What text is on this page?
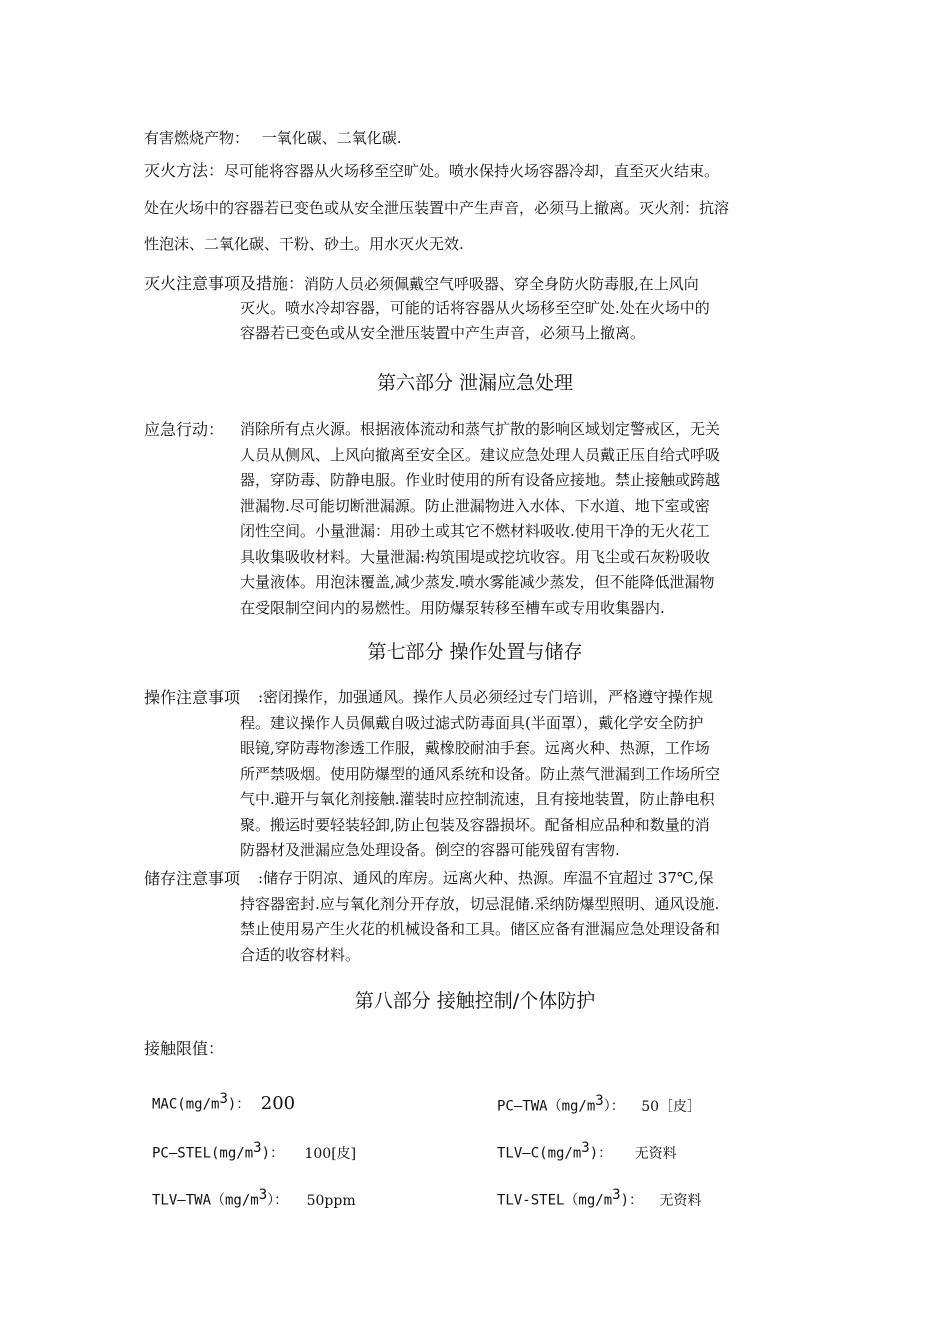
有害燃烧产物： 一氧化碳、二氧化碳.
灭火方法：尽可能将容器从火场移至空旷处。喷水保持火场容器冷却，直至灭火结束。
处在火场中的容器若已变色或从安全泄压装置中产生声音，必须马上撤离。灭火剂：抗溶
性泡沫、二氧化碳、干粉、砂土。用水灭火无效.
灭火注意事项及措施：消防人员必须佩戴空气呼吸器、穿全身防火防毒服,在上风向
灭火。喷水冷却容器，可能的话将容器从火场移至空旷处.处在火场中的
容器若已变色或从安全泄压装置中产生声音，必须马上撤离。
第六部分 泄漏应急处理
应急行动： 消除所有点火源。根据液体流动和蒸气扩散的影响区域划定警戒区，无关
人员从侧风、上风向撤离至安全区。建议应急处理人员戴正压自给式呼吸
器，穿防毒、防静电服。作业时使用的所有设备应接地。禁止接触或跨越
泄漏物.尽可能切断泄漏源。防止泄漏物进入水体、下水道、地下室或密
闭性空间。小量泄漏：用砂土或其它不燃材料吸收.使用干净的无火花工
具收集吸收材料。大量泄漏:构筑围堤或挖坑收容。用飞尘或石灰粉吸收
大量液体。用泡沫覆盖,减少蒸发.喷水雾能减少蒸发，但不能降低泄漏物
在受限制空间内的易燃性。用防爆泵转移至槽车或专用收集器内.
第七部分 操作处置与储存
操作注意事项 :密闭操作，加强通风。操作人员必须经过专门培训，严格遵守操作规
程。建议操作人员佩戴自吸过滤式防毒面具(半面罩），戴化学安全防护
眼镜,穿防毒物渗透工作服，戴橡胶耐油手套。远离火种、热源，工作场
所严禁吸烟。使用防爆型的通风系统和设备。防止蒸气泄漏到工作场所空
气中.避开与氧化剂接触.灌装时应控制流速，且有接地装置，防止静电积
聚。搬运时要轻装轻卸,防止包装及容器损坏。配备相应品种和数量的消
防器材及泄漏应急处理设备。倒空的容器可能残留有害物.
储存注意事项 :储存于阴凉、通风的库房。远离火种、热源。库温不宜超过 37℃,保
持容器密封.应与氧化剂分开存放，切忌混储.采纳防爆型照明、通风设施.
禁止使用易产生火花的机械设备和工具。储区应备有泄漏应急处理设备和
合适的收容材料。
第八部分 接触控制/个体防护
接触限值：
$MAC(mg/m^3)$： 200	$PC—TWA(mg/m^3)$： 50［皮］
$PC—STEL(mg/m^3)$： 100[皮]	$TLV—C(mg/m^3)$： 无资料
$TLV—TWA(mg/m^3)$： 50ppm	TLV-$STEL(mg/m^3)$： 无资料
